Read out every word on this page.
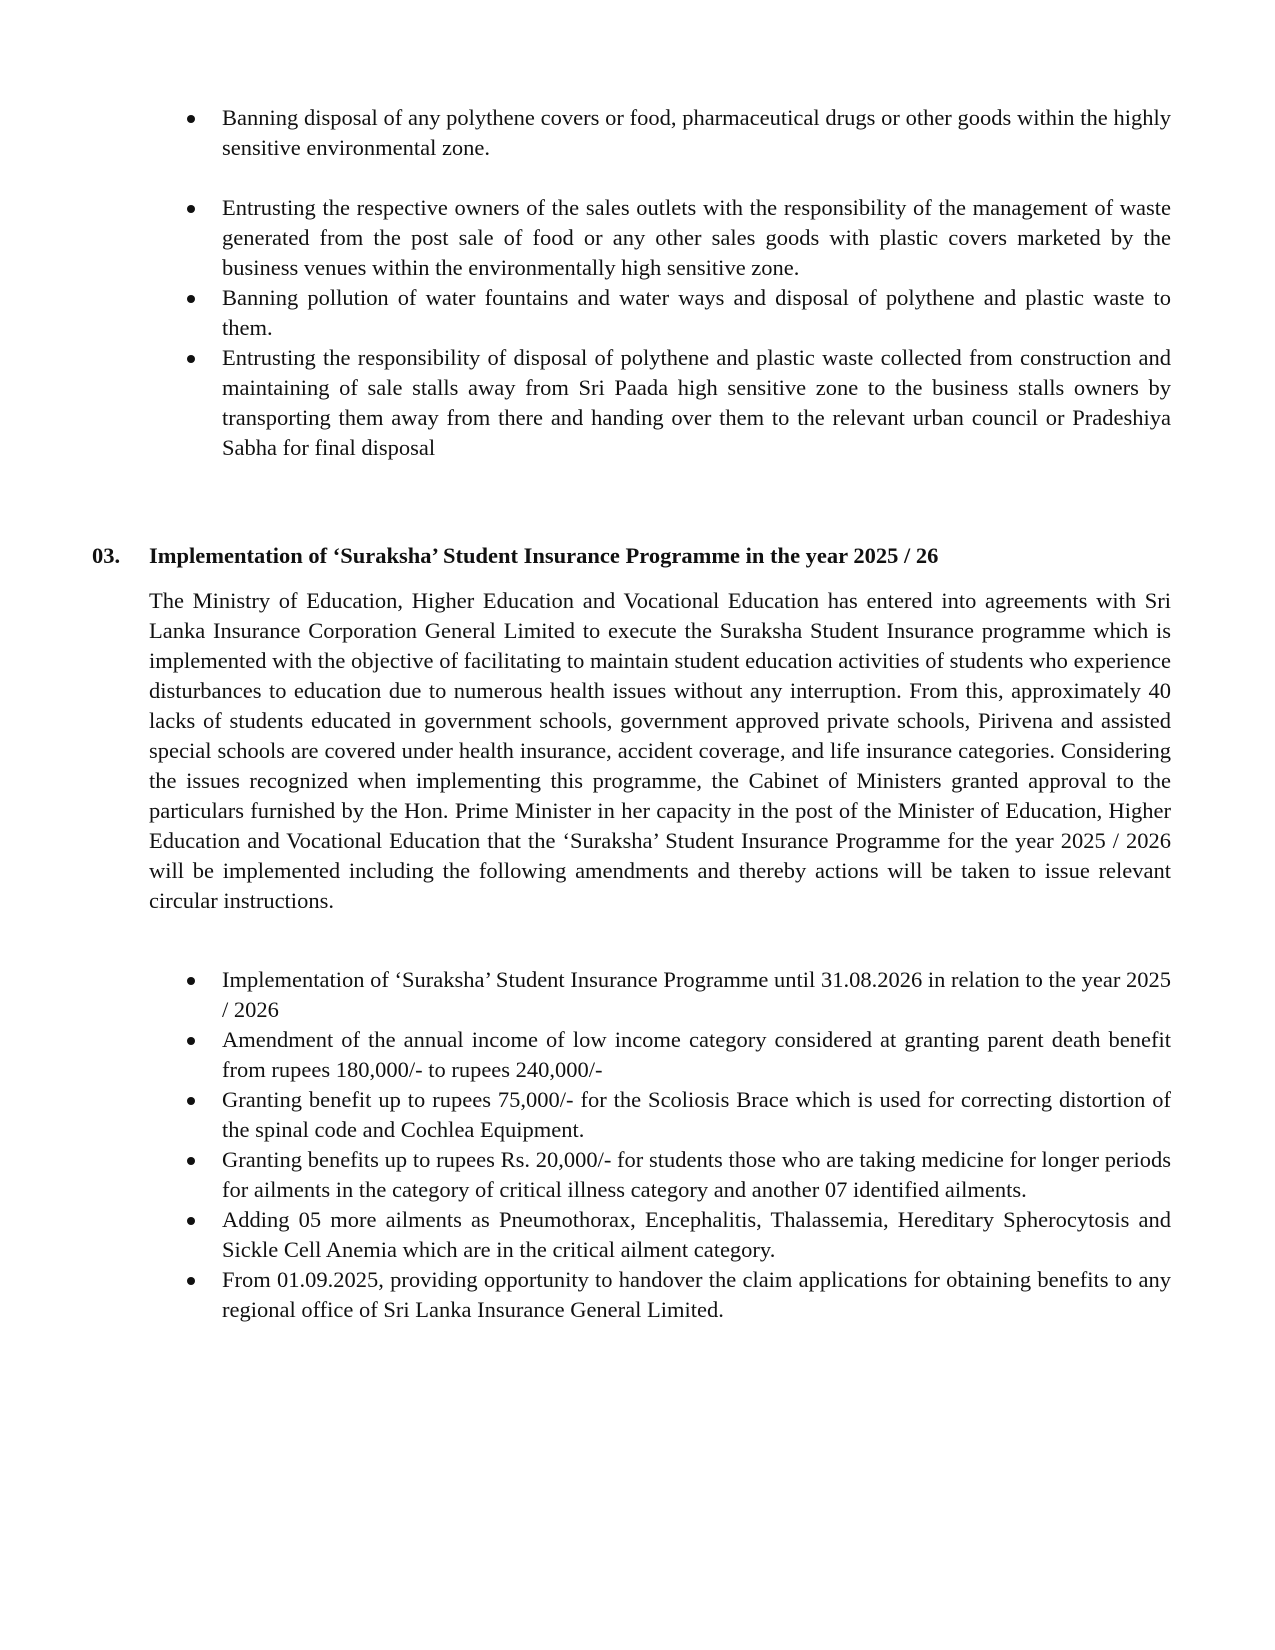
Banning disposal of any polythene covers or food, pharmaceutical drugs or other goods within the highly sensitive environmental zone.
Entrusting the respective owners of the sales outlets with the responsibility of the management of waste generated from the post sale of food or any other sales goods with plastic covers marketed by the business venues within the environmentally high sensitive zone.
Banning pollution of water fountains and water ways and disposal of polythene and plastic waste to them.
Entrusting the responsibility of disposal of polythene and plastic waste collected from construction and maintaining of sale stalls away from Sri Paada high sensitive zone to the business stalls owners by transporting them away from there and handing over them to the relevant urban council or Pradeshiya Sabha for final disposal
03. Implementation of ‘Suraksha’ Student Insurance Programme in the year 2025 / 26

The Ministry of Education, Higher Education and Vocational Education has entered into agreements with Sri Lanka Insurance Corporation General Limited to execute the Suraksha Student Insurance programme which is implemented with the objective of facilitating to maintain student education activities of students who experience disturbances to education due to numerous health issues without any interruption. From this, approximately 40 lacks of students educated in government schools, government approved private schools, Pirivena and assisted special schools are covered under health insurance, accident coverage, and life insurance categories. Considering the issues recognized when implementing this programme, the Cabinet of Ministers granted approval to the particulars furnished by the Hon. Prime Minister in her capacity in the post of the Minister of Education, Higher Education and Vocational Education that the ‘Suraksha’ Student Insurance Programme for the year 2025 / 2026 will be implemented including the following amendments and thereby actions will be taken to issue relevant circular instructions.

Implementation of ‘Suraksha’ Student Insurance Programme until 31.08.2026 in relation to the year 2025 / 2026
Amendment of the annual income of low income category considered at granting parent death benefit from rupees 180,000/- to rupees 240,000/-
Granting benefit up to rupees 75,000/- for the Scoliosis Brace which is used for correcting distortion of the spinal code and Cochlea Equipment.
Granting benefits up to rupees Rs. 20,000/- for students those who are taking medicine for longer periods for ailments in the category of critical illness category and another 07 identified ailments.
Adding 05 more ailments as Pneumothorax, Encephalitis, Thalassemia, Hereditary Spherocytosis and Sickle Cell Anemia which are in the critical ailment category.
From 01.09.2025, providing opportunity to handover the claim applications for obtaining benefits to any regional office of Sri Lanka Insurance General Limited.
